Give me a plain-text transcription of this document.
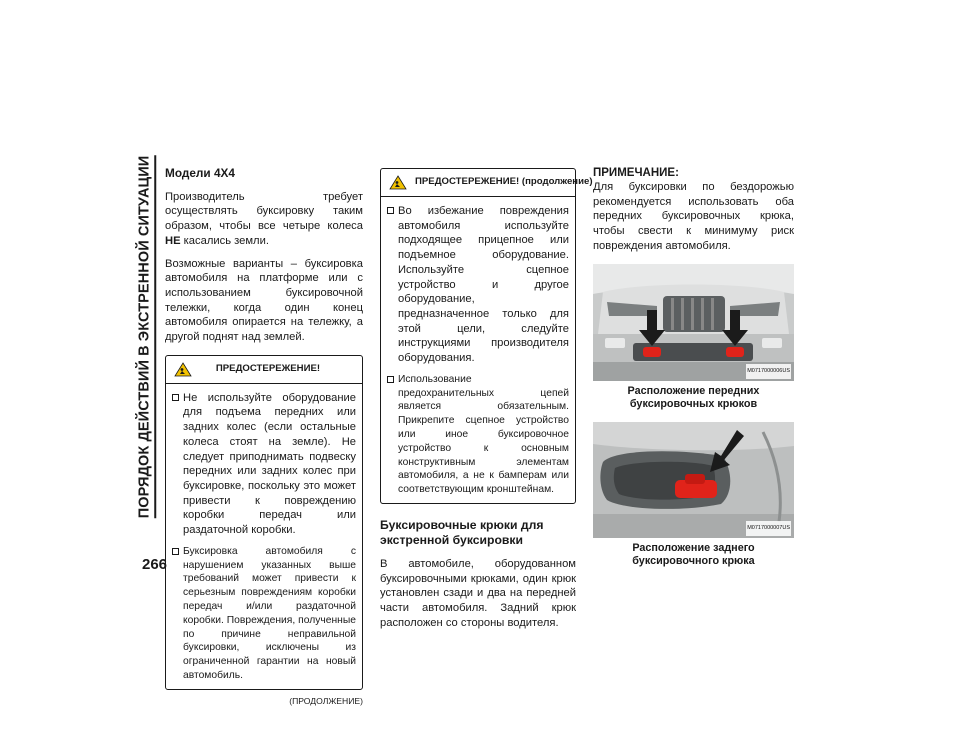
ПОРЯДОК ДЕЙСТВИЙ В ЭКСТРЕННОЙ СИТУАЦИИ
266
Модели 4X4

Производитель требует осуществлять буксировку таким образом, чтобы все четыре колеса НЕ касались земли.

Возможные варианты – буксировка автомобиля на платформе или с использованием буксировочной тележки, когда один конец автомобиля опирается на тележку, а другой поднят над землей.

ПРЕДОСТЕРЕЖЕНИЕ!
Не используйте оборудование для подъема передних или задних колес (если остальные колеса стоят на земле). Не следует приподнимать подвеску передних или задних колес при буксировке, поскольку это может привести к повреждению коробки передач или раздаточной коробки.
Буксировка автомобиля с нарушением указанных выше требований может привести к серьезным повреждениям коробки передач и/или раздаточной коробки. Повреждения, полученные по причине неправильной буксировки, исключены из ограниченной гарантии на новый автомобиль.
(ПРОДОЛЖЕНИЕ)
ПРЕДОСТЕРЕЖЕНИЕ! (продолжение)
Во избежание повреждения автомобиля используйте подходящее прицепное или подъемное оборудование. Используйте сцепное устройство и другое оборудование, предназначенное только для этой цели, следуйте инструкциями производителя оборудования.
Использование предохранительных цепей является обязательным. Прикрепите сцепное устройство или иное буксировочное устройство к основным конструктивным элементам автомобиля, а не к бамперам или соответствующим кронштейнам.
Буксировочные крюки для экстренной буксировки

В автомобиле, оборудованном буксировочными крюками, один крюк установлен сзади и два на передней части автомобиля. Задний крюк расположен со стороны водителя.

ПРИМЕЧАНИЕ:
Для буксировки по бездорожью рекомендуется использовать оба передних буксировочных крюка, чтобы свести к минимуму риск повреждения автомобиля.
M0717000006US
Расположение передних буксировочных крюков
M0717000007US
Расположение заднего буксировочного крюка
